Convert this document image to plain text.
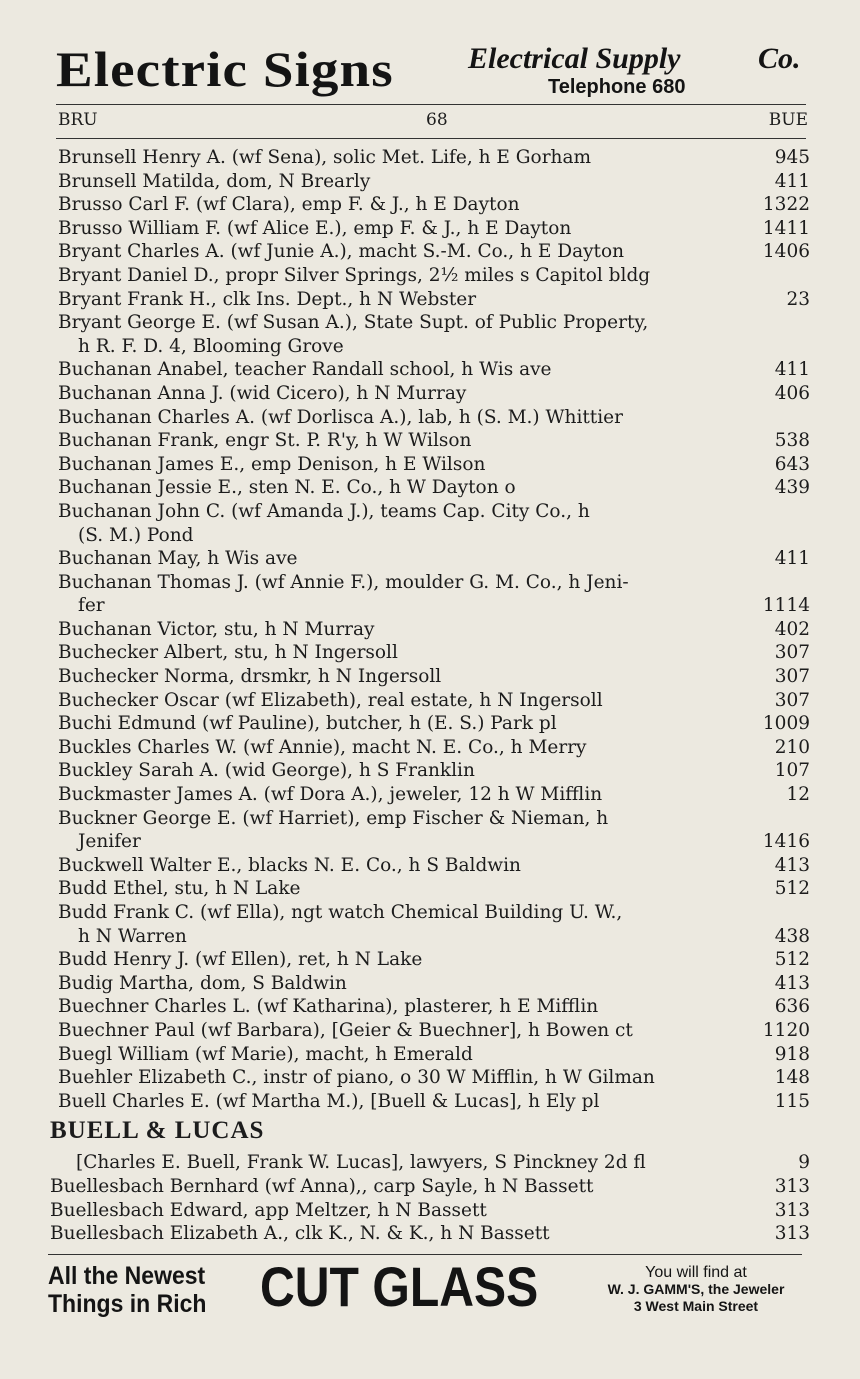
Electric Signs Electrical Supply	Co.
Telephone 680
BRU	68	BUE
Brunsell Henry A. (wf Sena), solic Met. Life, h E Gorham	945
Brunsell Matilda, dom, N Brearly	411
Brusso Carl F. (wf Clara), emp F. & J., h E Dayton	1322
Brusso William F. (wf Alice E.), emp F. & J., h E Dayton	1411
Bryant Charles A. (wf Junie A.), macht S.-M. Co., h E Dayton	1406
Bryant Daniel D., propr Silver Springs, 2½ miles s Capitol bldg
Bryant Frank H., clk Ins. Dept., h N Webster	23
Bryant George E. (wf Susan A.), State Supt. of Public Property,
h R. F. D. 4, Blooming Grove
Buchanan Anabel, teacher Randall school, h Wis ave	411
Buchanan Anna J. (wid Cicero), h N Murray	406
Buchanan Charles A. (wf Dorlisca A.), lab, h (S. M.) Whittier
Buchanan Frank, engr St. P. R'y, h W Wilson	538
Buchanan James E., emp Denison, h E Wilson	643
Buchanan Jessie E., sten N. E. Co., h W Dayton o	439
Buchanan John C. (wf Amanda J.), teams Cap. City Co., h
(S. M.) Pond
Buchanan May, h Wis ave	411
Buchanan Thomas J. (wf Annie F.), moulder G. M. Co., h Jeni-
fer	1114
Buchanan Victor, stu, h N Murray	402
Buchecker Albert, stu, h N Ingersoll	307
Buchecker Norma, drsmkr, h N Ingersoll	307
Buchecker Oscar (wf Elizabeth), real estate, h N Ingersoll	307
Buchi Edmund (wf Pauline), butcher, h (E. S.) Park pl	1009
Buckles Charles W. (wf Annie), macht N. E. Co., h Merry	210
Buckley Sarah A. (wid George), h S Franklin	107
Buckmaster James A. (wf Dora A.), jeweler, 12 h W Mifflin	12
Buckner George E. (wf Harriet), emp Fischer & Nieman, h
Jenifer	1416
Buckwell Walter E., blacks N. E. Co., h S Baldwin	413
Budd Ethel, stu, h N Lake	512
Budd Frank C. (wf Ella), ngt watch Chemical Building U. W.,
h N Warren	438
Budd Henry J. (wf Ellen), ret, h N Lake	512
Budig Martha, dom, S Baldwin	413
Buechner Charles L. (wf Katharina), plasterer, h E Mifflin	636
Buechner Paul (wf Barbara), [Geier & Buechner], h Bowen ct	1120
Buegl William (wf Marie), macht, h Emerald	918
Buehler Elizabeth C., instr of piano, o 30 W Mifflin, h W Gilman	148
Buell Charles E. (wf Martha M.), [Buell & Lucas], h Ely pl	115
BUELL & LUCAS
[Charles E. Buell, Frank W. Lucas], lawyers, S Pinckney 2d fl	9
Buellesbach Bernhard (wf Anna),, carp Sayle, h N Bassett	313
Buellesbach Edward, app Meltzer, h N Bassett	313
Buellesbach Elizabeth A., clk K., N. & K., h N Bassett	313
All the Newest
Things in Rich CUT GLASS	You will find at
W. J. GAMM'S, the Jeweler
3 West Main Street
